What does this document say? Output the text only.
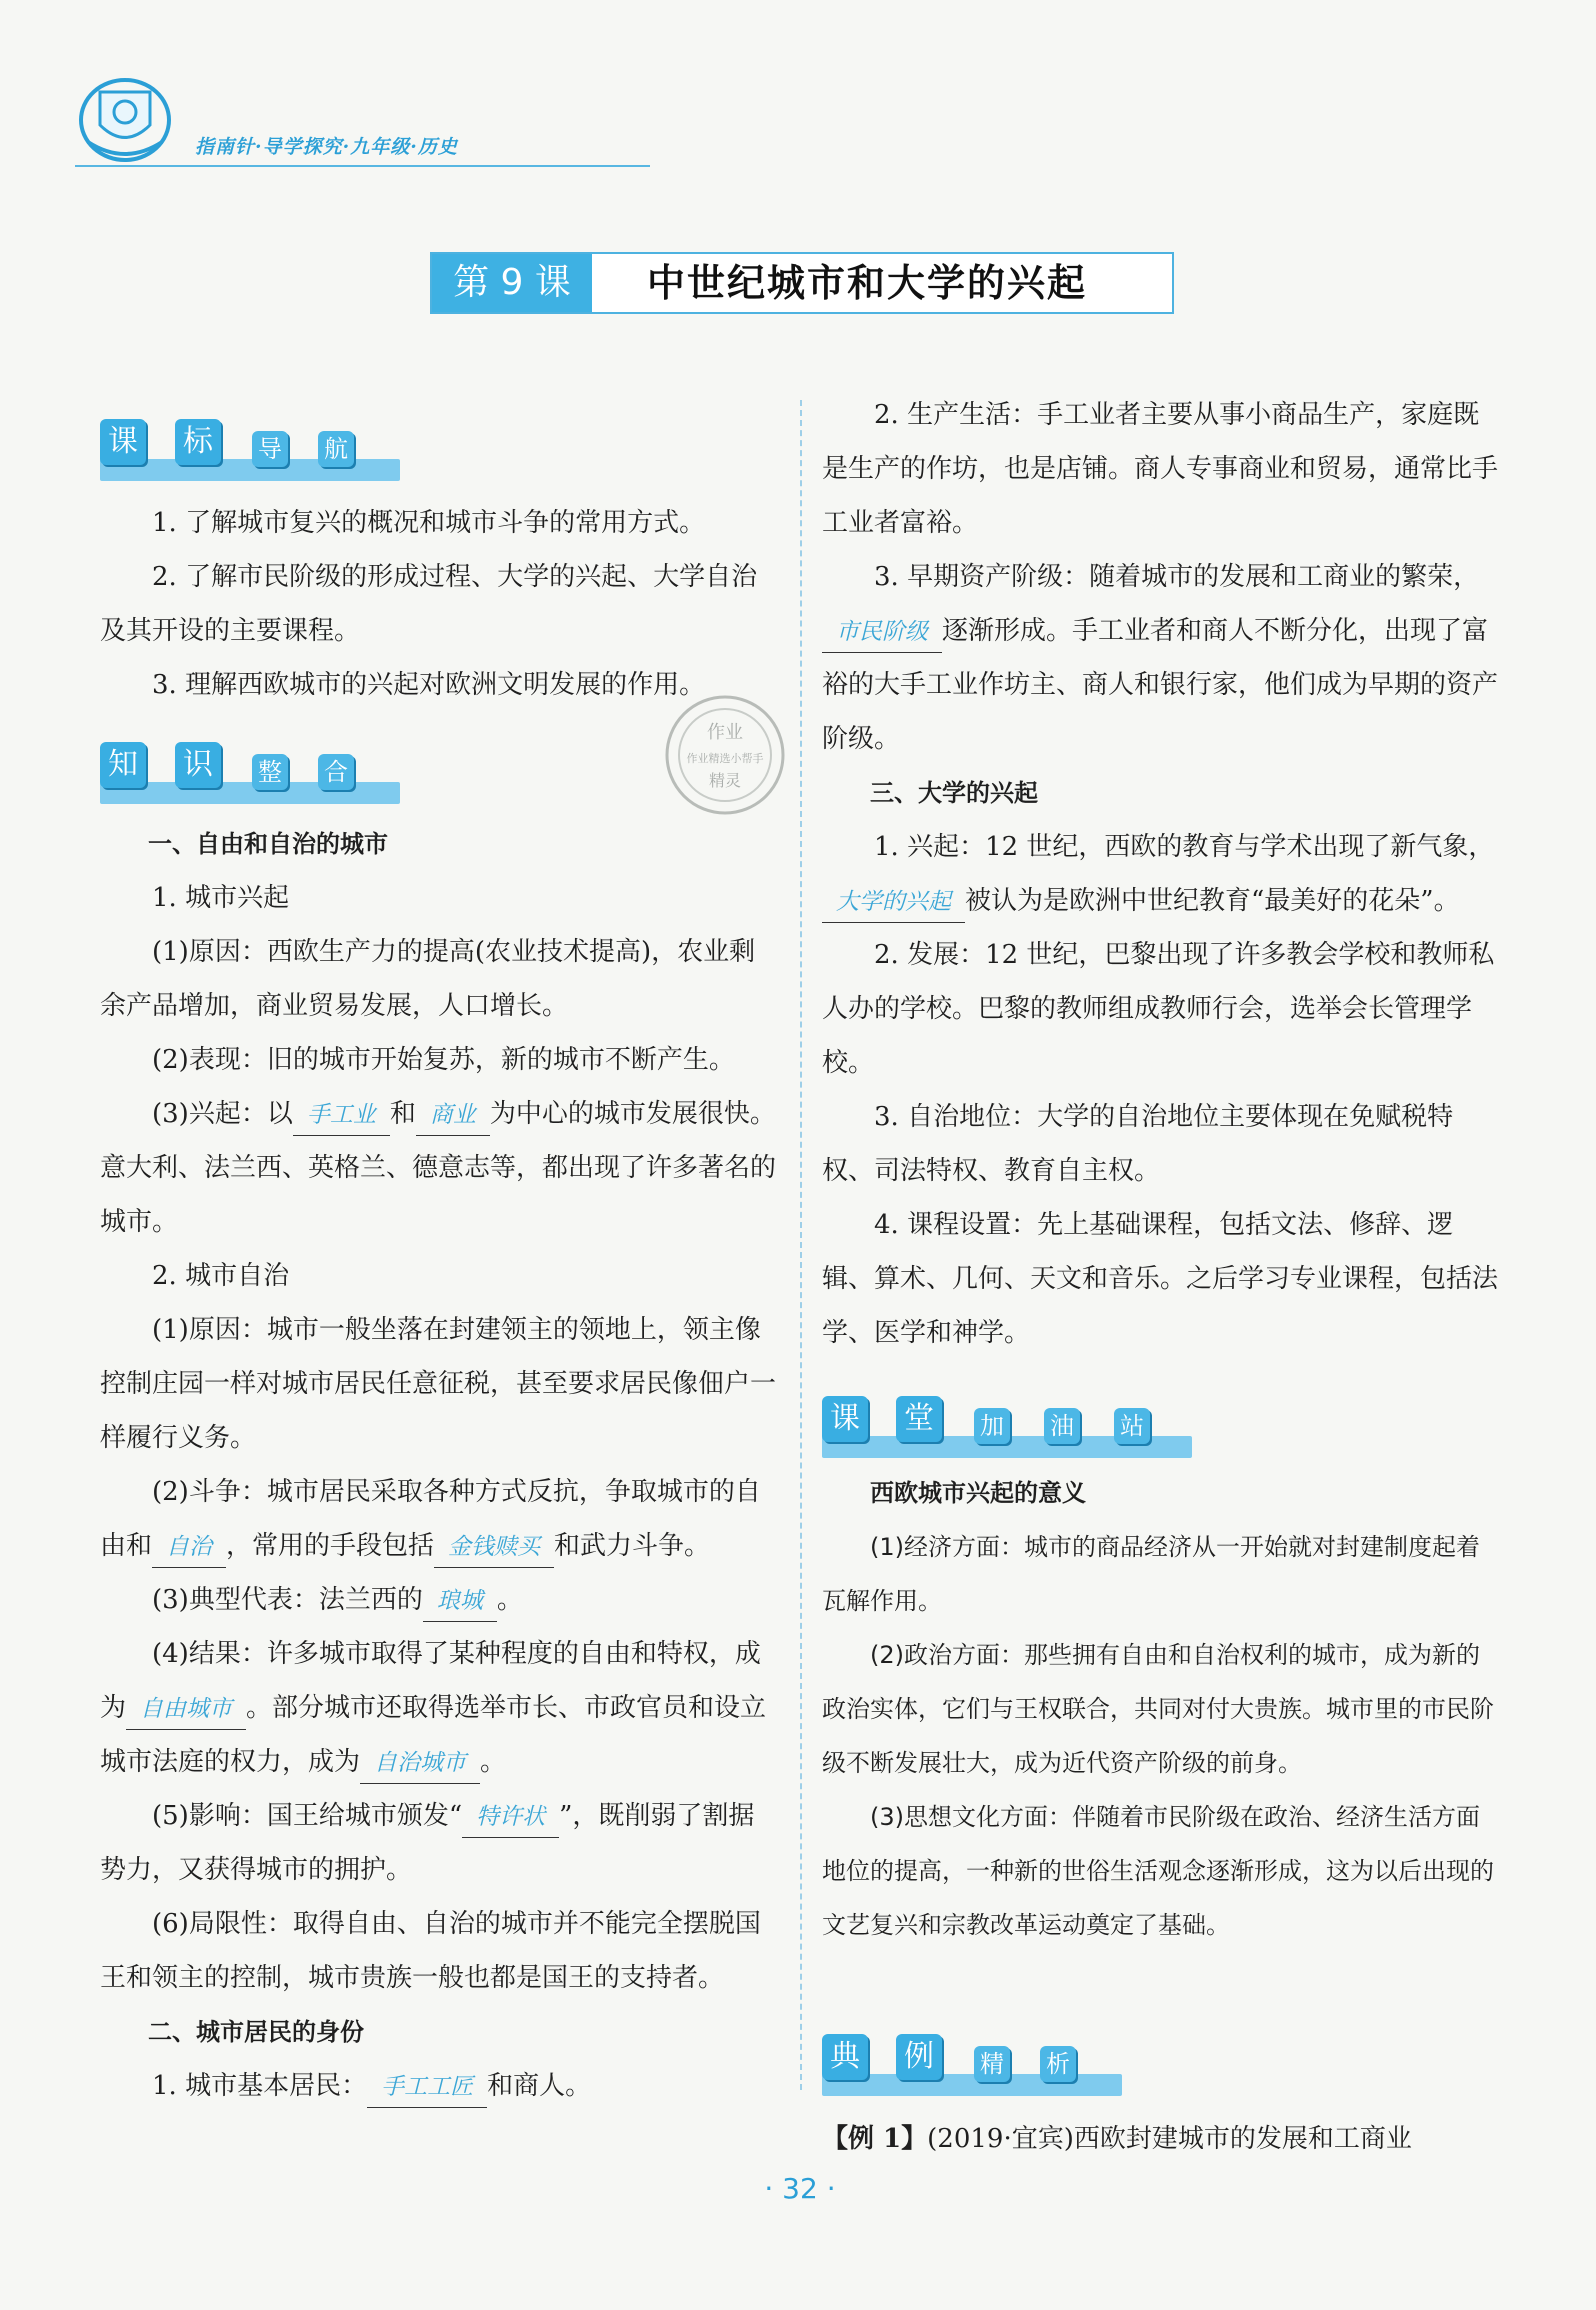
指南针·导学探究·九年级·历史
第 9 课	中世纪城市和大学的兴起
课 标	导 航

1. 了解城市复兴的概况和城市斗争的常用方式。

2. 了解市民阶级的形成过程、大学的兴起、大学自治及其开设的主要课程。

3. 理解西欧城市的兴起对欧洲文明发展的作用。

知 识	整 合

一、自由和自治的城市

1. 城市兴起

(1)原因：西欧生产力的提高(农业技术提高)，农业剩余产品增加，商业贸易发展，人口增长。

(2)表现：旧的城市开始复苏，新的城市不断产生。

(3)兴起：以 手工业 和 商业 为中心的城市发展很快。意大利、法兰西、英格兰、德意志等，都出现了许多著名的城市。

2. 城市自治

(1)原因：城市一般坐落在封建领主的领地上，领主像控制庄园一样对城市居民任意征税，甚至要求居民像佃户一样履行义务。

(2)斗争：城市居民采取各种方式反抗，争取城市的自由和 自治 ，常用的手段包括 金钱赎买 和武力斗争。

(3)典型代表：法兰西的 琅城 。

(4)结果：许多城市取得了某种程度的自由和特权，成为 自由城市 。部分城市还取得选举市长、市政官员和设立城市法庭的权力，成为 自治城市 。

(5)影响：国王给城市颁发“ 特许状 ”，既削弱了割据势力，又获得城市的拥护。

(6)局限性：取得自由、自治的城市并不能完全摆脱国王和领主的控制，城市贵族一般也都是国王的支持者。

二、城市居民的身份

1. 城市基本居民： 手工工匠 和商人。

作业
作业精选小帮手
精灵

2. 生产生活：手工业者主要从事小商品生产，家庭既是生产的作坊，也是店铺。商人专事商业和贸易，通常比手工业者富裕。

3. 早期资产阶级：随着城市的发展和工商业的繁荣，市民阶级 逐渐形成。手工业者和商人不断分化，出现了富裕的大手工业作坊主、商人和银行家，他们成为早期的资产阶级。

三、大学的兴起

1. 兴起：12 世纪，西欧的教育与学术出现了新气象，大学的兴起 被认为是欧洲中世纪教育“最美好的花朵”。

2. 发展：12 世纪，巴黎出现了许多教会学校和教师私人办的学校。巴黎的教师组成教师行会，选举会长管理学校。

3. 自治地位：大学的自治地位主要体现在免赋税特权、司法特权、教育自主权。

4. 课程设置：先上基础课程，包括文法、修辞、逻辑、算术、几何、天文和音乐。之后学习专业课程，包括法学、医学和神学。

课 堂	加 油 站

西欧城市兴起的意义

(1)经济方面：城市的商品经济从一开始就对封建制度起着瓦解作用。

(2)政治方面：那些拥有自由和自治权利的城市，成为新的政治实体，它们与王权联合，共同对付大贵族。城市里的市民阶级不断发展壮大，成为近代资产阶级的前身。

(3)思想文化方面：伴随着市民阶级在政治、经济生活方面地位的提高，一种新的世俗生活观念逐渐形成，这为以后出现的文艺复兴和宗教改革运动奠定了基础。

典 例	精 析

【例 1】(2019·宜宾)西欧封建城市的发展和工商业

· 32 ·
